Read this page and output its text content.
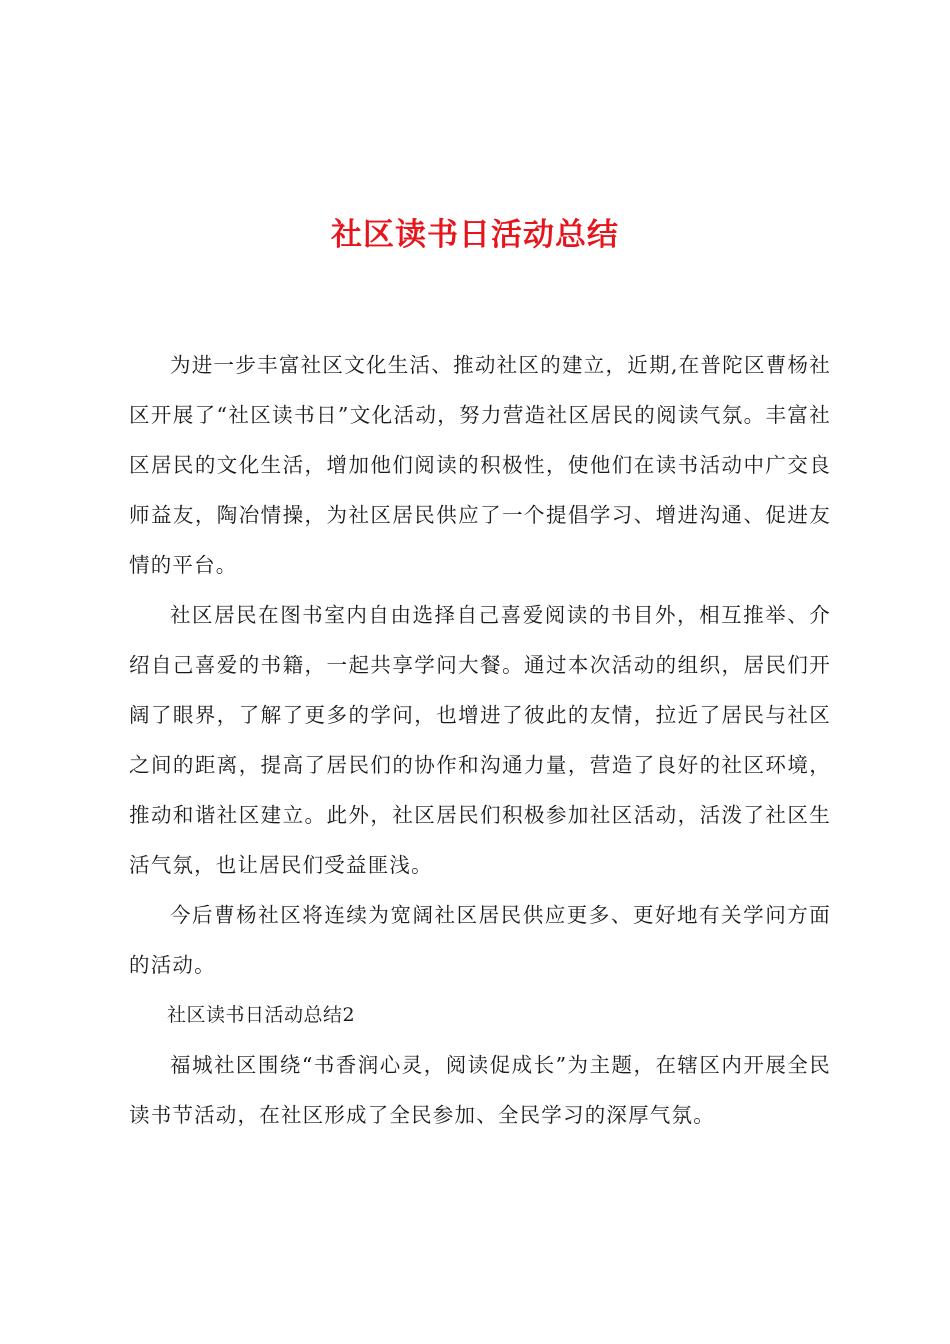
社区读书日活动总结

为进一步丰富社区文化生活、推动社区的建立，近期,在普陀区曹杨社区开展了“社区读书日”文化活动，努力营造社区居民的阅读气氛。丰富社区居民的文化生活，增加他们阅读的积极性，使他们在读书活动中广交良师益友，陶冶情操，为社区居民供应了一个提倡学习、增进沟通、促进友情的平台。

社区居民在图书室内自由选择自己喜爱阅读的书目外，相互推举、介绍自己喜爱的书籍，一起共享学问大餐。通过本次活动的组织，居民们开阔了眼界，了解了更多的学问，也增进了彼此的友情，拉近了居民与社区之间的距离，提高了居民们的协作和沟通力量，营造了良好的社区环境，推动和谐社区建立。此外，社区居民们积极参加社区活动，活泼了社区生活气氛，也让居民们受益匪浅。

今后曹杨社区将连续为宽阔社区居民供应更多、更好地有关学问方面的活动。

社区读书日活动总结2

福城社区围绕“书香润心灵，阅读促成长”为主题，在辖区内开展全民读书节活动，在社区形成了全民参加、全民学习的深厚气氛。
